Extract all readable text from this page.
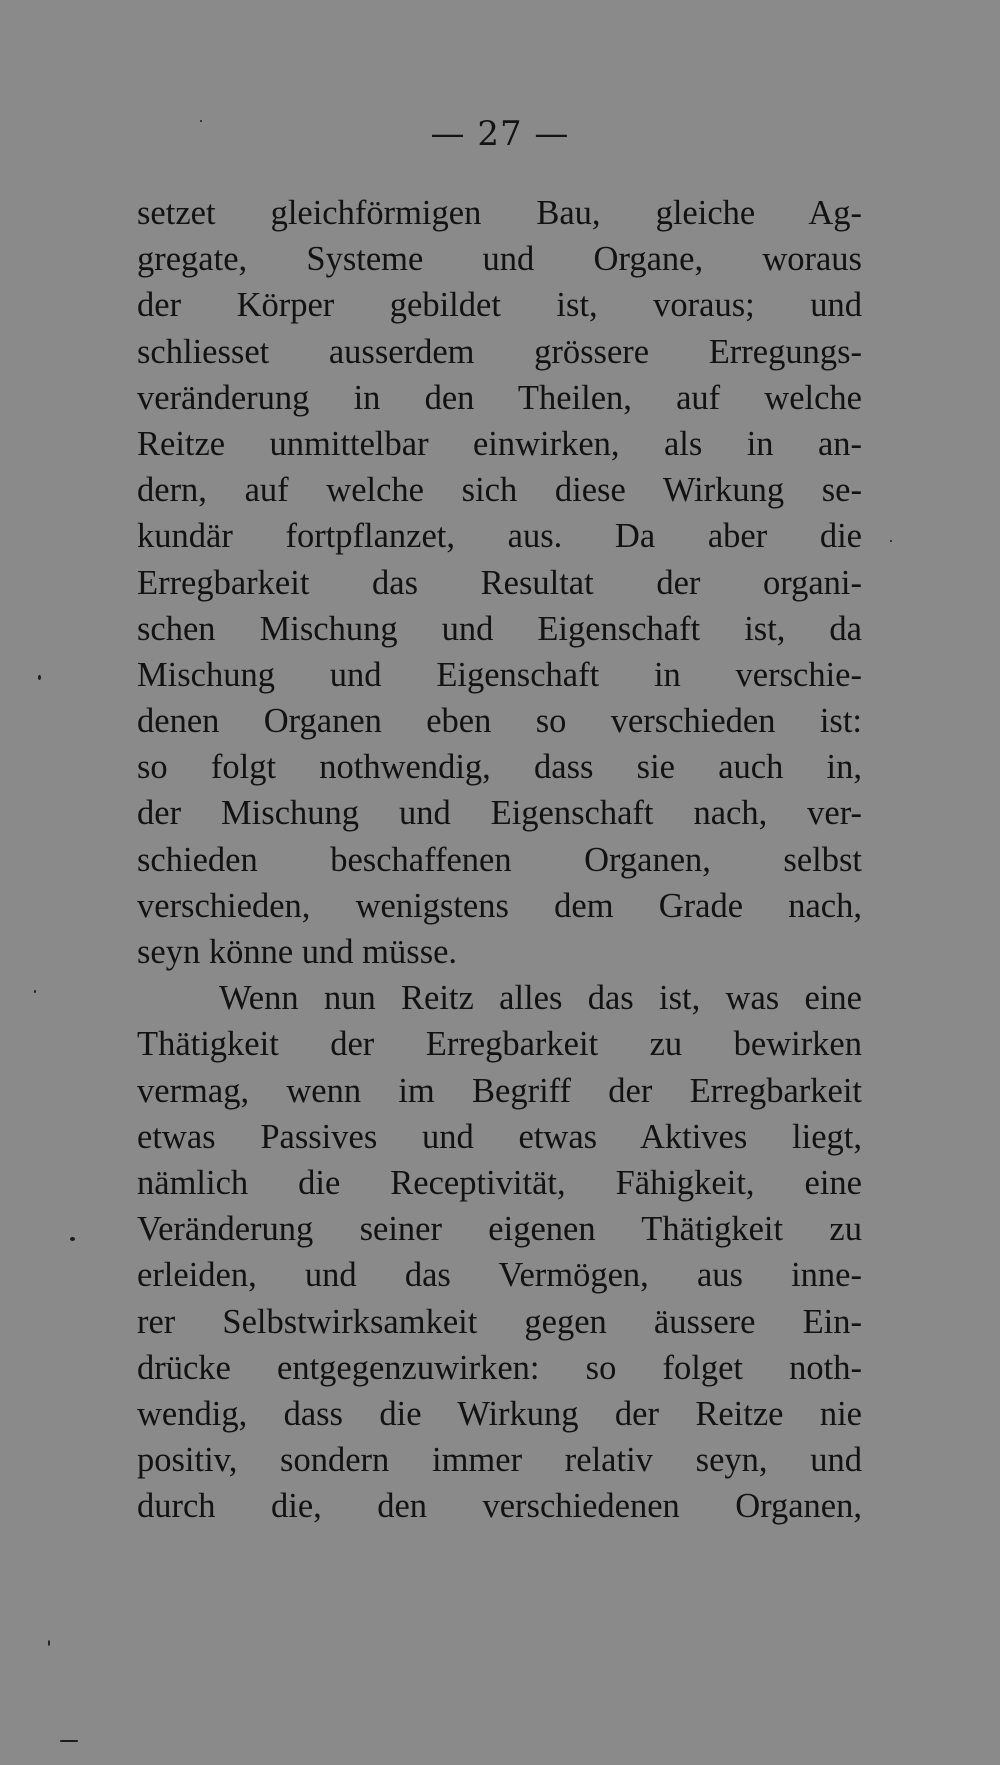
— 27 —
setzet gleichförmigen Bau, gleiche Ag-
gregate, Systeme und Organe, woraus
der Körper gebildet ist, voraus; und
schliesset ausserdem grössere Erregungs-
veränderung in den Theilen, auf welche
Reitze unmittelbar einwirken, als in an-
dern, auf welche sich diese Wirkung se-
kundär fortpflanzet, aus. Da aber die
Erregbarkeit das Resultat der organi-
schen Mischung und Eigenschaft ist, da
Mischung und Eigenschaft in verschie-
denen Organen eben so verschieden ist:
so folgt nothwendig, dass sie auch in,
der Mischung und Eigenschaft nach, ver-
schieden beschaffenen Organen, selbst
verschieden, wenigstens dem Grade nach,
seyn könne und müsse.
Wenn nun Reitz alles das ist, was eine
Thätigkeit der Erregbarkeit zu bewirken
vermag, wenn im Begriff der Erregbarkeit
etwas Passives und etwas Aktives liegt,
nämlich die Receptivität, Fähigkeit, eine
Veränderung seiner eigenen Thätigkeit zu
erleiden, und das Vermögen, aus inne-
rer Selbstwirksamkeit gegen äussere Ein-
drücke entgegenzuwirken: so folget noth-
wendig, dass die Wirkung der Reitze nie
positiv, sondern immer relativ seyn, und
durch die, den verschiedenen Organen,
